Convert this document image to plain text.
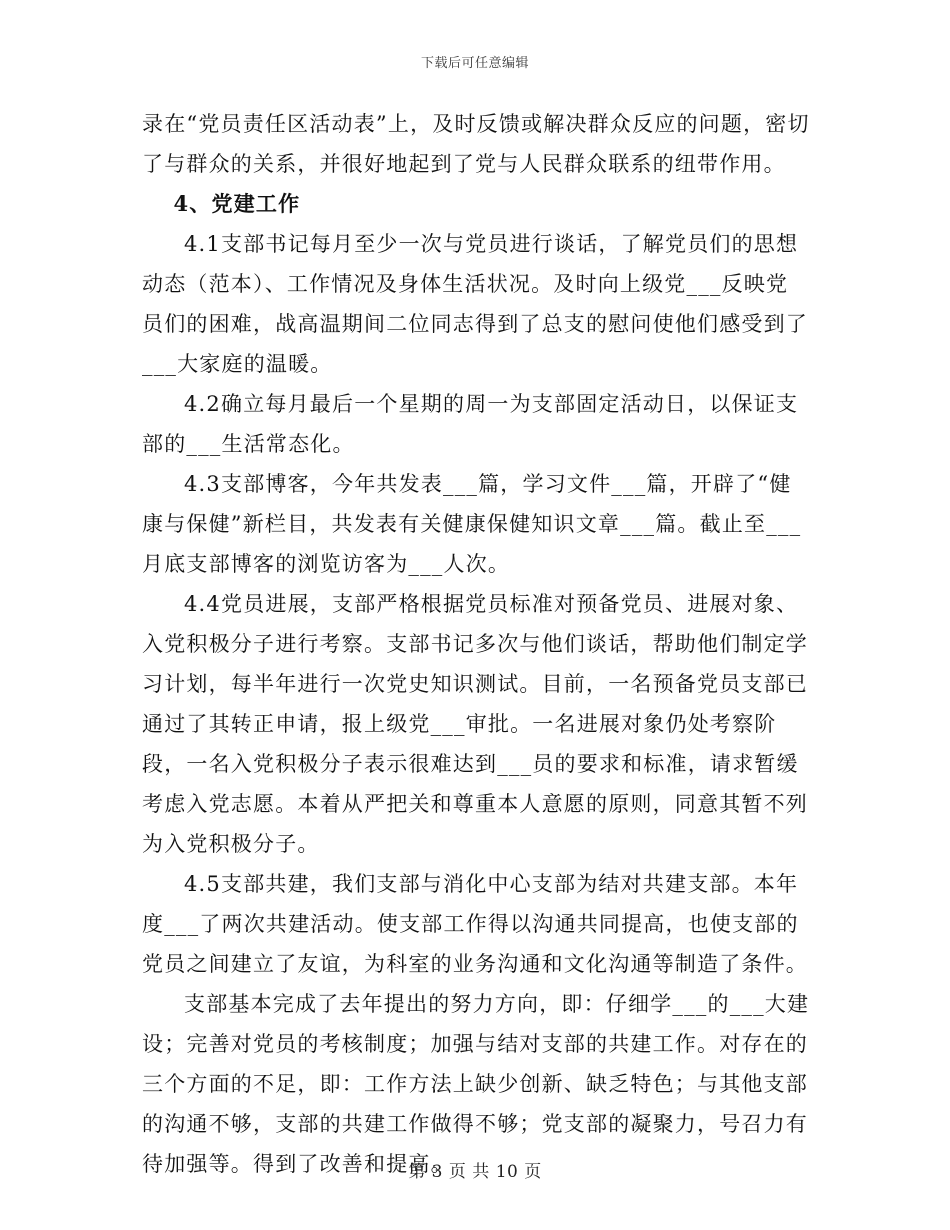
下载后可任意编辑

录在“党员责任区活动表”上，及时反馈或解决群众反应的问题，密切了与群众的关系，并很好地起到了党与人民群众联系的纽带作用。

4、党建工作

4.1支部书记每月至少一次与党员进行谈话，了解党员们的思想动态（范本）、工作情况及身体生活状况。及时向上级党___反映党员们的困难，战高温期间二位同志得到了总支的慰问使他们感受到了___大家庭的温暖。

4.2确立每月最后一个星期的周一为支部固定活动日，以保证支部的___生活常态化。

4.3支部博客，今年共发表___篇，学习文件___篇，开辟了“健康与保健”新栏目，共发表有关健康保健知识文章___篇。截止至___月底支部博客的浏览访客为___人次。

4.4党员进展，支部严格根据党员标准对预备党员、进展对象、入党积极分子进行考察。支部书记多次与他们谈话，帮助他们制定学习计划，每半年进行一次党史知识测试。目前，一名预备党员支部已通过了其转正申请，报上级党___审批。一名进展对象仍处考察阶段，一名入党积极分子表示很难达到___员的要求和标准，请求暂缓考虑入党志愿。本着从严把关和尊重本人意愿的原则，同意其暂不列为入党积极分子。

4.5支部共建，我们支部与消化中心支部为结对共建支部。本年度___了两次共建活动。使支部工作得以沟通共同提高，也使支部的党员之间建立了友谊，为科室的业务沟通和文化沟通等制造了条件。

支部基本完成了去年提出的努力方向，即：仔细学___的___大建设；完善对党员的考核制度；加强与结对支部的共建工作。对存在的三个方面的不足，即：工作方法上缺少创新、缺乏特色；与其他支部的沟通不够，支部的共建工作做得不够；党支部的凝聚力，号召力有待加强等。得到了改善和提高。

第 3 页 共 10 页
